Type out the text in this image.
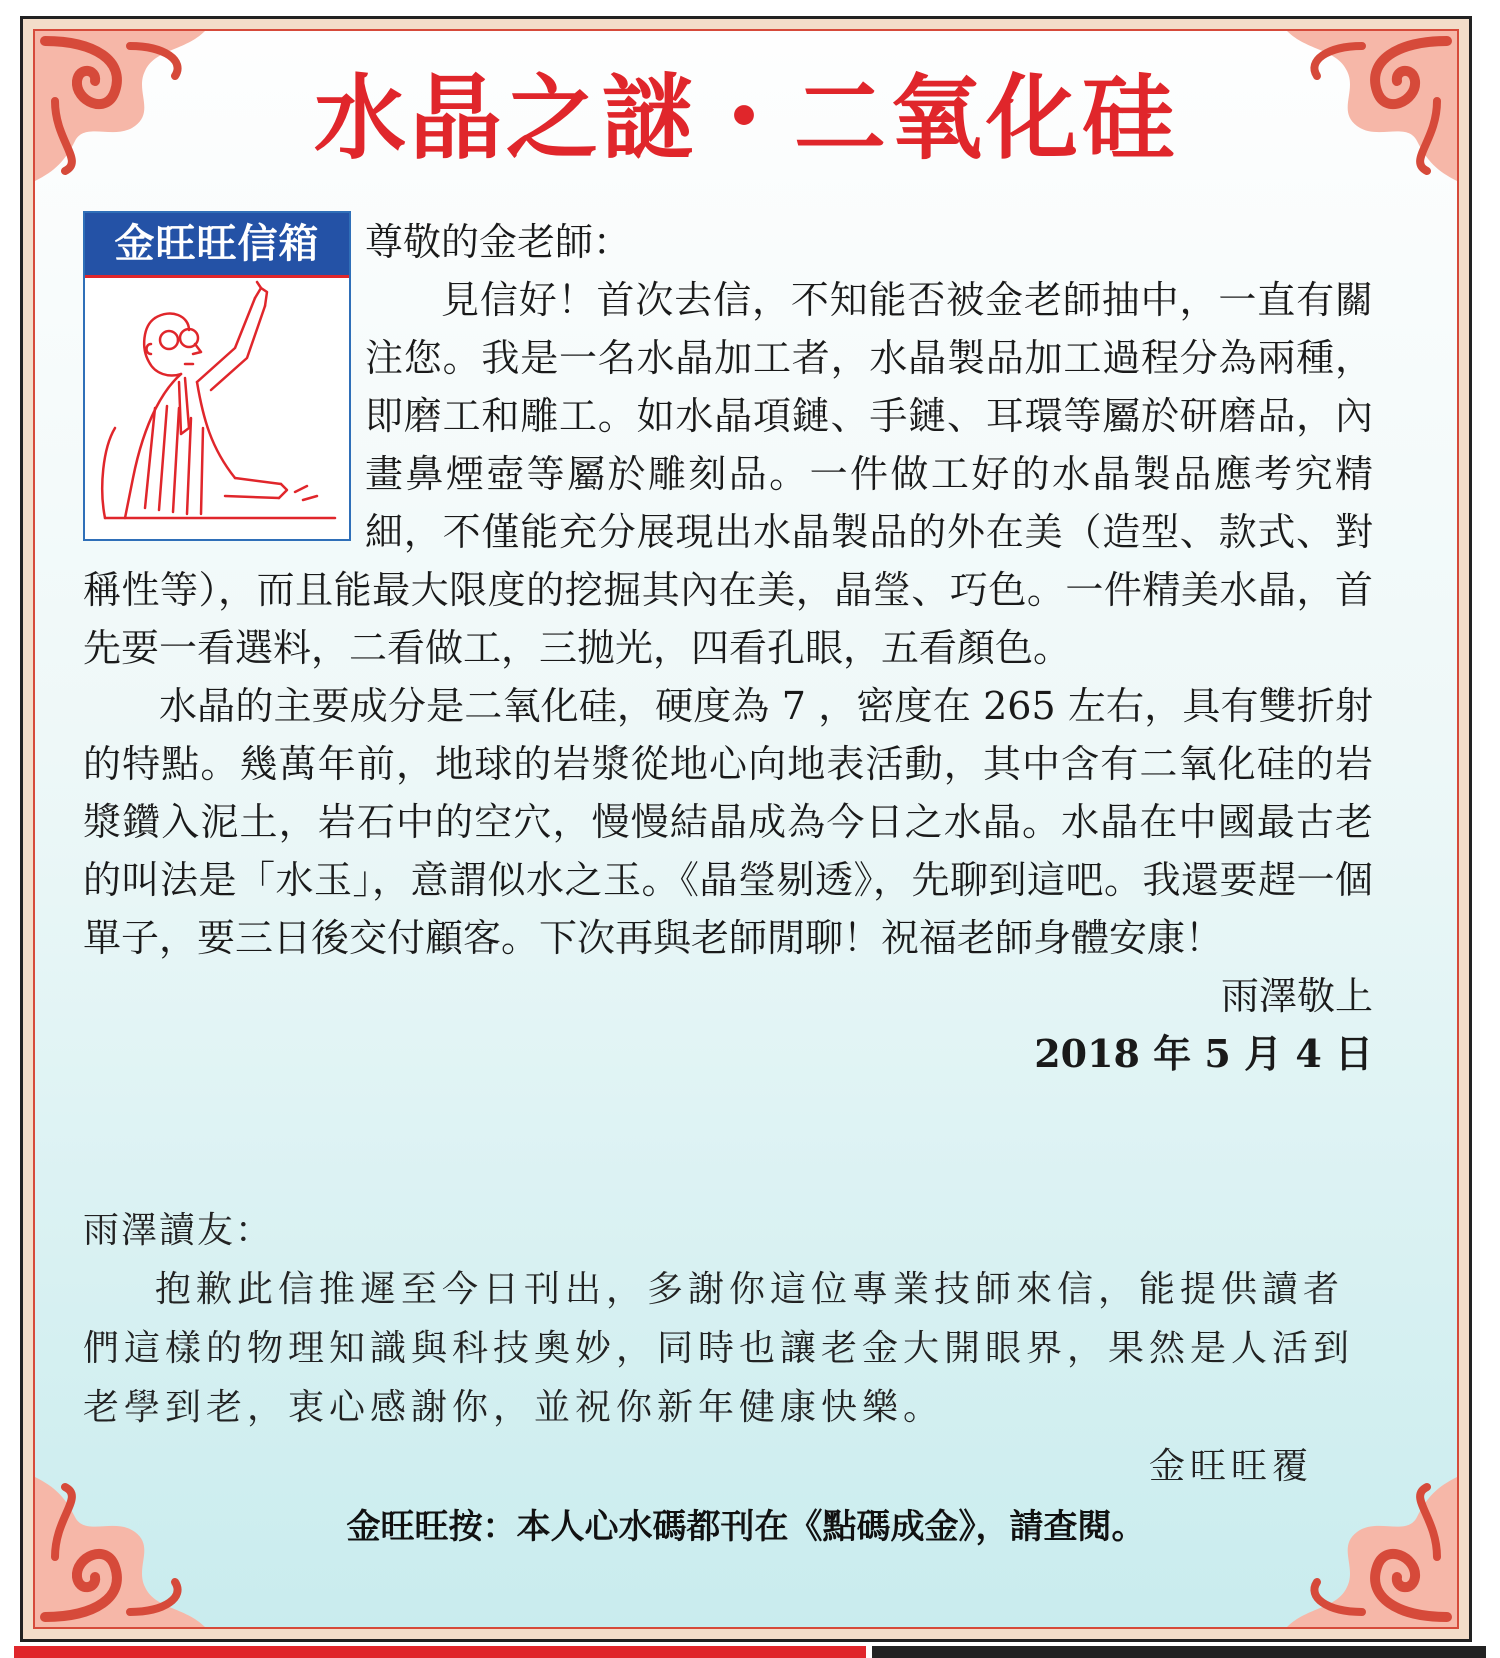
水晶之謎・二氧化硅
金旺旺信箱	尊敬的金老師：

見信好！首次去信，不知能否被金老師抽中，一直有關注您。我是一名水晶加工者，水晶製品加工過程分為兩種，即磨工和雕工。如水晶項鏈、手鏈、耳環等屬於研磨品，內畫鼻煙壺等屬於雕刻品。一件做工好的水晶製品應考究精細，不僅能充分展現出水晶製品的外在美（造型、款式、對稱性等），而且能最大限度的挖掘其內在美，晶瑩、巧色。一件精美水晶，首先要一看選料，二看做工，三拋光，四看孔眼，五看顏色。

水晶的主要成分是二氧化硅，硬度為 7 ，密度在 265 左右，具有雙折射的特點。幾萬年前，地球的岩漿從地心向地表活動，其中含有二氧化硅的岩漿鑽入泥土，岩石中的空穴，慢慢結晶成為今日之水晶。水晶在中國最古老的叫法是「水玉」，意謂似水之玉。《晶瑩剔透》，先聊到這吧。我還要趕一個單子，要三日後交付顧客。下次再與老師閒聊！祝福老師身體安康！

雨澤敬上

2018 年 5 月 4 日

雨澤讀友：

抱歉此信推遲至今日刊出，多謝你這位專業技師來信，能提供讀者們這樣的物理知識與科技奧妙，同時也讓老金大開眼界，果然是人活到老學到老，衷心感謝你，並祝你新年健康快樂。

金旺旺覆

金旺旺按：本人心水碼都刊在《點碼成金》，請查閱。
